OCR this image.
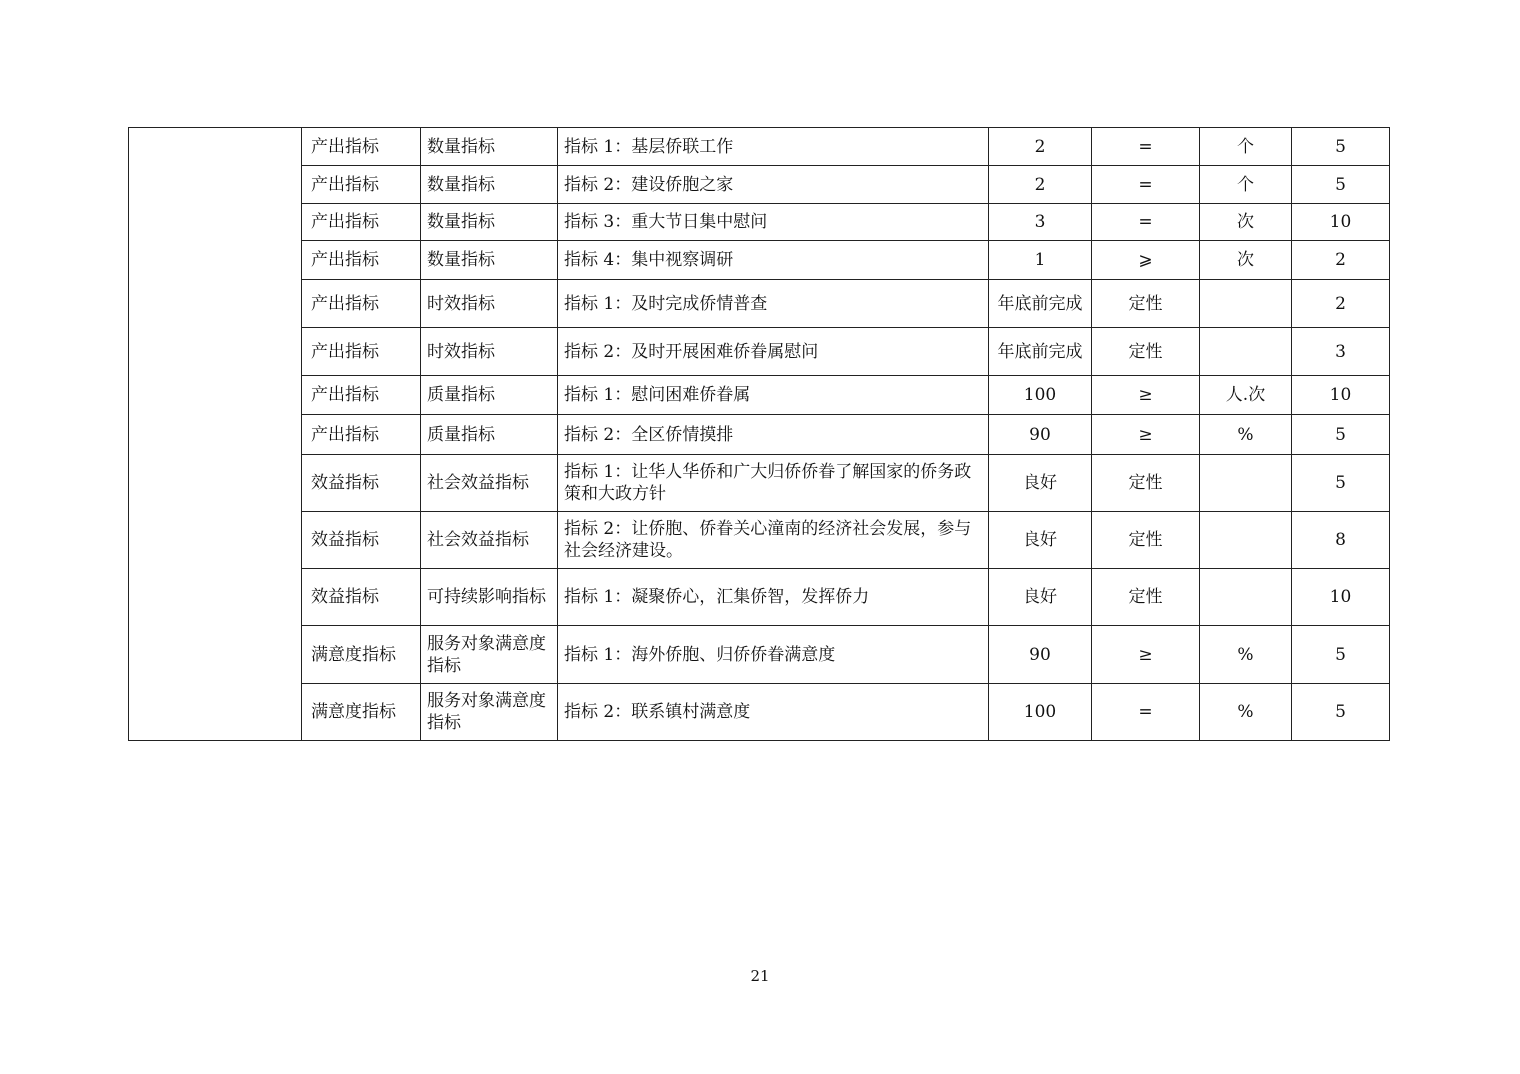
	产出指标	数量指标	指标 1：基层侨联工作	2	=	个	5
	产出指标	数量指标	指标 2：建设侨胞之家	2	=	个	5
	产出指标	数量指标	指标 3：重大节日集中慰问	3	=	次	10
	产出指标	数量指标	指标 4：集中视察调研	1	⩾	次	2
	产出指标	时效指标	指标 1：及时完成侨情普查	年底前完成	定性		2
	产出指标	时效指标	指标 2：及时开展困难侨眷属慰问	年底前完成	定性		3
	产出指标	质量指标	指标 1：慰问困难侨眷属	100	≥	人.次	10
	产出指标	质量指标	指标 2：全区侨情摸排	90	≥	%	5
	效益指标	社会效益指标	指标 1：让华人华侨和广大归侨侨眷了解国家的侨务政策和大政方针	良好	定性		5
	效益指标	社会效益指标	指标 2：让侨胞、侨眷关心潼南的经济社会发展，参与社会经济建设。	良好	定性		8
	效益指标	可持续影响指标	指标 1：凝聚侨心，汇集侨智，发挥侨力	良好	定性		10
	满意度指标	服务对象满意度指标	指标 1：海外侨胞、归侨侨眷满意度	90	≥	%	5
	满意度指标	服务对象满意度指标	指标 2：联系镇村满意度	100	=	%	5
21
